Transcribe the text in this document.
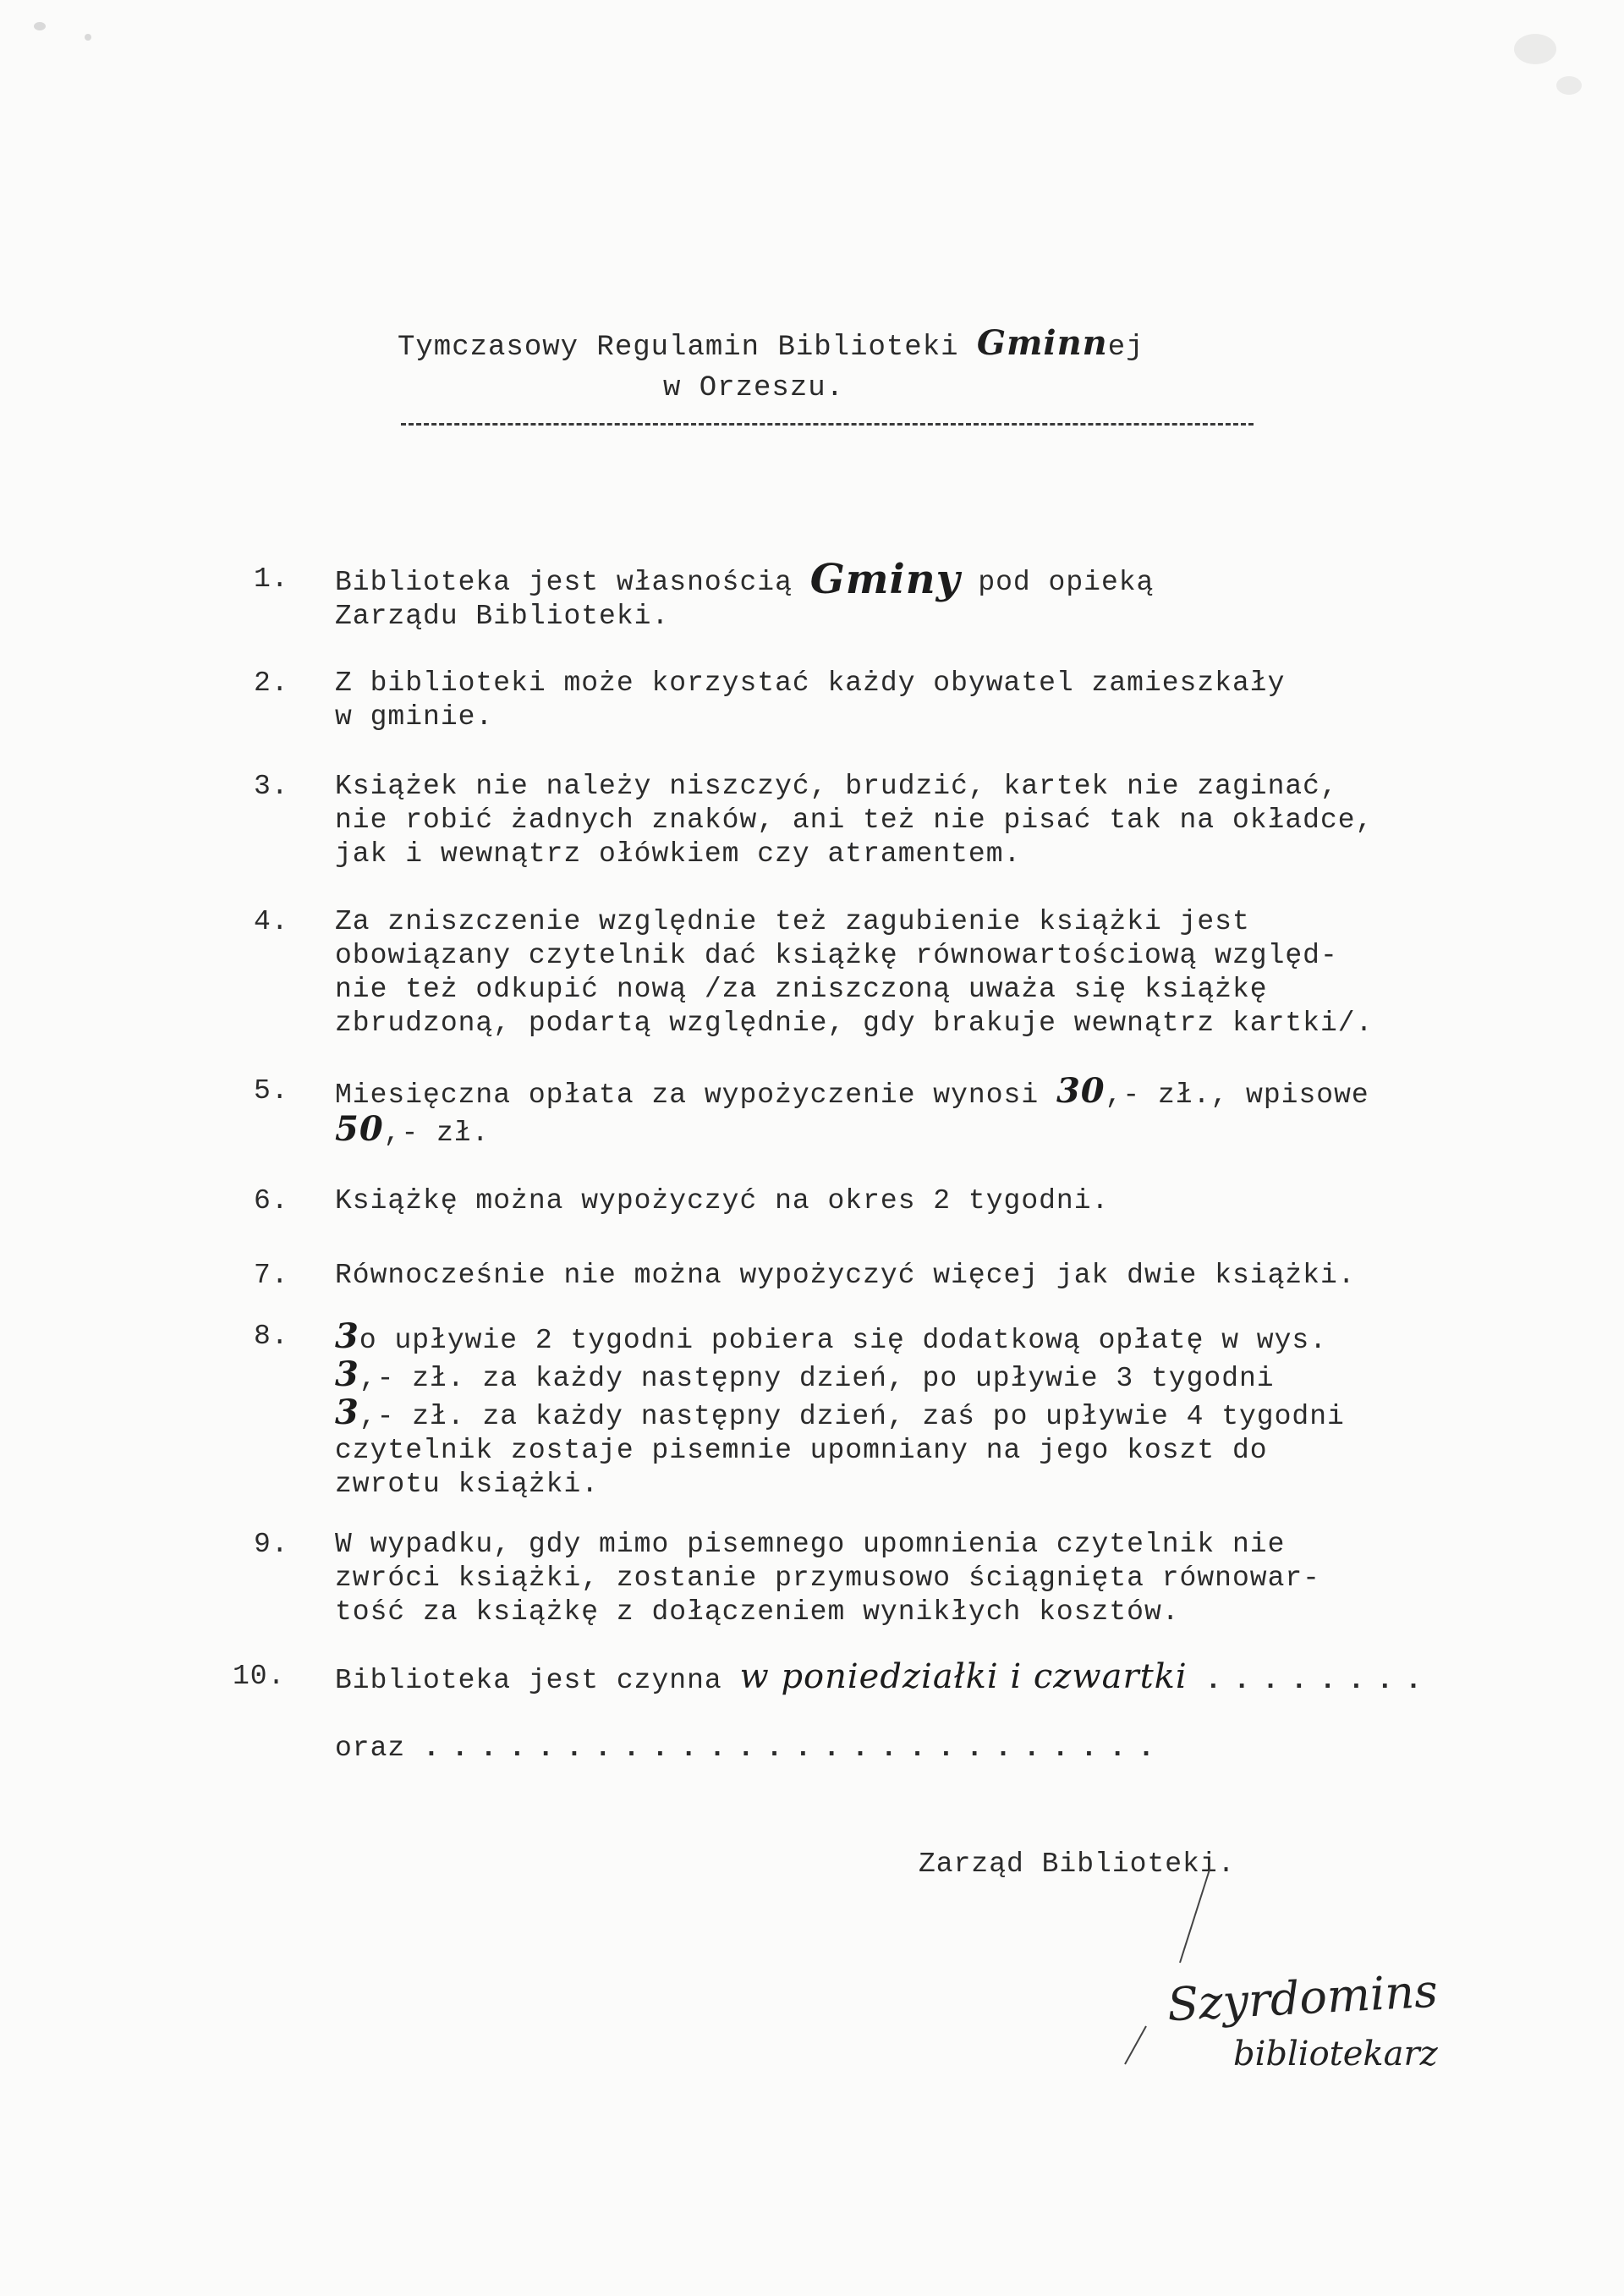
Tymczasowy Regulamin Biblioteki Gminnej
w Orzeszu.
1.	Biblioteka jest własnością Gminy pod opieką
Zarządu Biblioteki.
2.	Z biblioteki może korzystać każdy obywatel zamieszkały
w gminie.
3.	Książek nie należy niszczyć, brudzić, kartek nie zaginać,
nie robić żadnych znaków, ani też nie pisać tak na okładce,
jak i wewnątrz ołówkiem czy atramentem.
4.	Za zniszczenie względnie też zagubienie książki jest
obowiązany czytelnik dać książkę równowartościową względ-
nie też odkupić nową /za zniszczoną uważa się książkę
zbrudzoną, podartą względnie, gdy brakuje wewnątrz kartki/.
5.	Miesięczna opłata za wypożyczenie wynosi 30,- zł., wpisowe
50,- zł.
6.	Książkę można wypożyczyć na okres 2 tygodni.
7.	Równocześnie nie można wypożyczyć więcej jak dwie książki.
8.	3o upływie 2 tygodni pobiera się dodatkową opłatę w wys.
3,- zł. za każdy następny dzień, po upływie 3 tygodni
3,- zł. za każdy następny dzień, zaś po upływie 4 tygodni
czytelnik zostaje pisemnie upomniany na jego koszt do
zwrotu książki.
9.	W wypadku, gdy mimo pisemnego upomnienia czytelnik nie
zwróci książki, zostanie przymusowo ściągnięta równowar-
tość za książkę z dołączeniem wynikłych kosztów.
10.	Biblioteka jest czynna w poniedziałki i czwartki ........

oraz ..........................
Zarząd Biblioteki.
Szyrdomins
bibliotekarz
